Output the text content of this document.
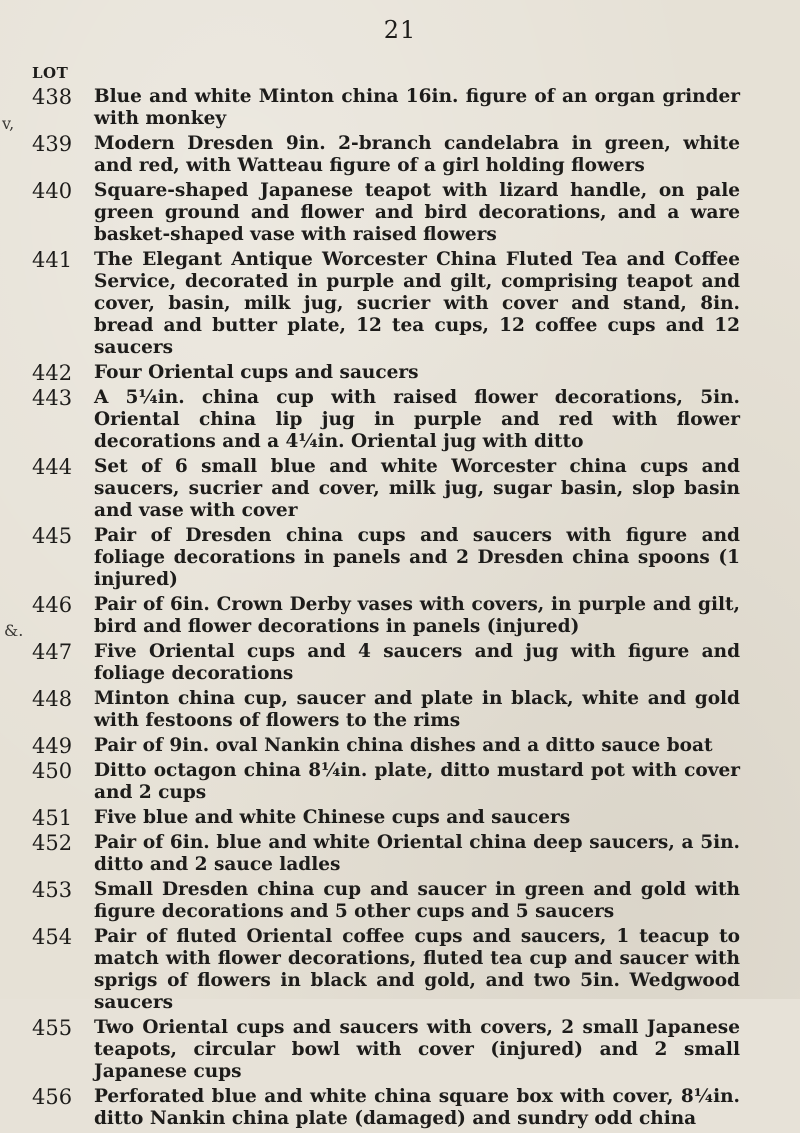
21
LOT
v,
&.
438	Blue and white Minton china 16in. figure of an organ grinder with monkey
439	Modern Dresden 9in. 2-branch candelabra in green, white and red, with Watteau figure of a girl holding flowers
440	Square-shaped Japanese teapot with lizard handle, on pale green ground and flower and bird decorations, and a ware basket-shaped vase with raised flowers
441	The Elegant Antique Worcester China Fluted Tea and Coffee Service, decorated in purple and gilt, comprising teapot and cover, basin, milk jug, sucrier with cover and stand, 8in. bread and butter plate, 12 tea cups, 12 coffee cups and 12 saucers
442	Four Oriental cups and saucers
443	A 5¼in. china cup with raised flower decorations, 5in. Oriental china lip jug in purple and red with flower decorations and a 4¼in. Oriental jug with ditto
444	Set of 6 small blue and white Worcester china cups and saucers, sucrier and cover, milk jug, sugar basin, slop basin and vase with cover
445	Pair of Dresden china cups and saucers with figure and foliage decorations in panels and 2 Dresden china spoons (1 injured)
446	Pair of 6in. Crown Derby vases with covers, in purple and gilt, bird and flower decorations in panels (injured)
447	Five Oriental cups and 4 saucers and jug with figure and foliage decorations
448	Minton china cup, saucer and plate in black, white and gold with festoons of flowers to the rims
449	Pair of 9in. oval Nankin china dishes and a ditto sauce boat
450	Ditto octagon china 8¼in. plate, ditto mustard pot with cover and 2 cups
451	Five blue and white Chinese cups and saucers
452	Pair of 6in. blue and white Oriental china deep saucers, a 5in. ditto and 2 sauce ladles
453	Small Dresden china cup and saucer in green and gold with figure decorations and 5 other cups and 5 saucers
454	Pair of fluted Oriental coffee cups and saucers, 1 teacup to match with flower decorations, fluted tea cup and saucer with sprigs of flowers in black and gold, and two 5in. Wedgwood saucers
455	Two Oriental cups and saucers with covers, 2 small Japanese teapots, circular bowl with cover (injured) and 2 small Japanese cups
456	Perforated blue and white china square box with cover, 8¼in. ditto Nankin china plate (damaged) and sundry odd china
